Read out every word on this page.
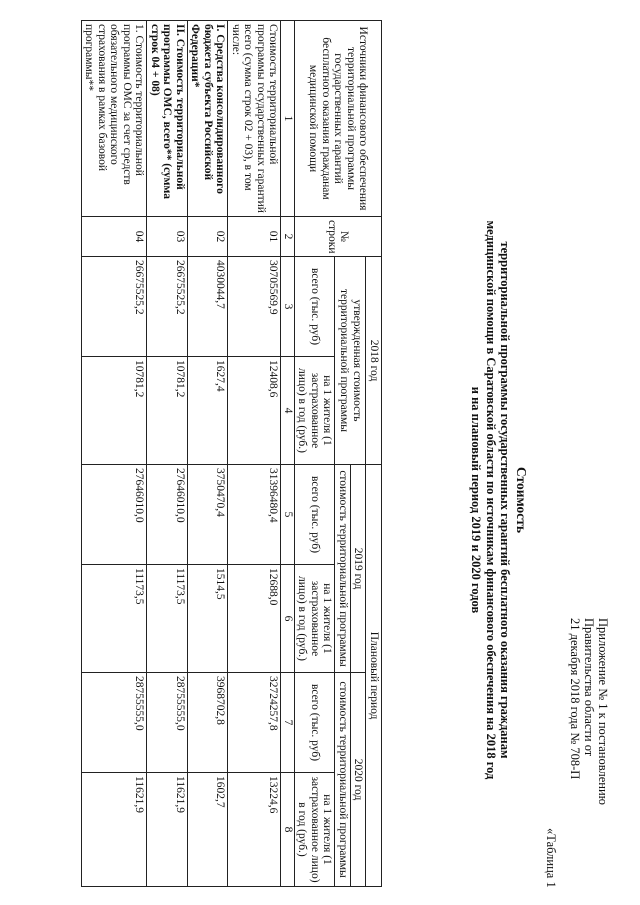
Приложение № 1 к постановлению
Правительства области от
21 декабря 2018 года № 708-П
«Таблица 1
Стоимость
территориальной программы государственных гарантий бесплатного оказания гражданам
медицинской помощи в Саратовской области по источникам финансового обеспечения на 2018 год
и на плановый период 2019 и 2020 годов
Источники финансового обеспечения территориальной программы государственных гарантий бесплатного оказания гражданам медицинской помощи	№ строки	2018 год		Плановый период			
		утвержденная стоимость территориальной программы		2019 год		2020 год	
				стоимость территориальной программы		стоимость территориальной программы	
		всего (тыс. руб)	на 1 жителя (1 застрахованное лицо) в год (руб.)	всего (тыс. руб)	на 1 жителя (1 застрахованное лицо) в год (руб.)	всего (тыс. руб)	на 1 жителя (1 застрахованное лицо) в год (руб.)
1	2	3	4	5	6	7	8
Стоимость территориальной программы государственных гарантий всего (сумма строк 02 + 03), в том числе:	01	30705569,9	12408,6	31396480,4	12688,0	32724257,8	13224,6
I. Средства консолидированного бюджета субъекта Российской Федерации*	02	4030044,7	1627,4	3750470,4	1514,5	3968702,8	1602,7
II. Стоимость территориальной программы ОМС, всего** (сумма строк 04 + 08)	03	26675525,2	10781,2	27646010,0	11173,5	28755555,0	11621,9
1. Стоимость территориальной программы ОМС за счет средств обязательного медицинского страхования в рамках базовой программы**	04	26675525,2	10781,2	27646010,0	11173,5	28755555,0	11621,9
